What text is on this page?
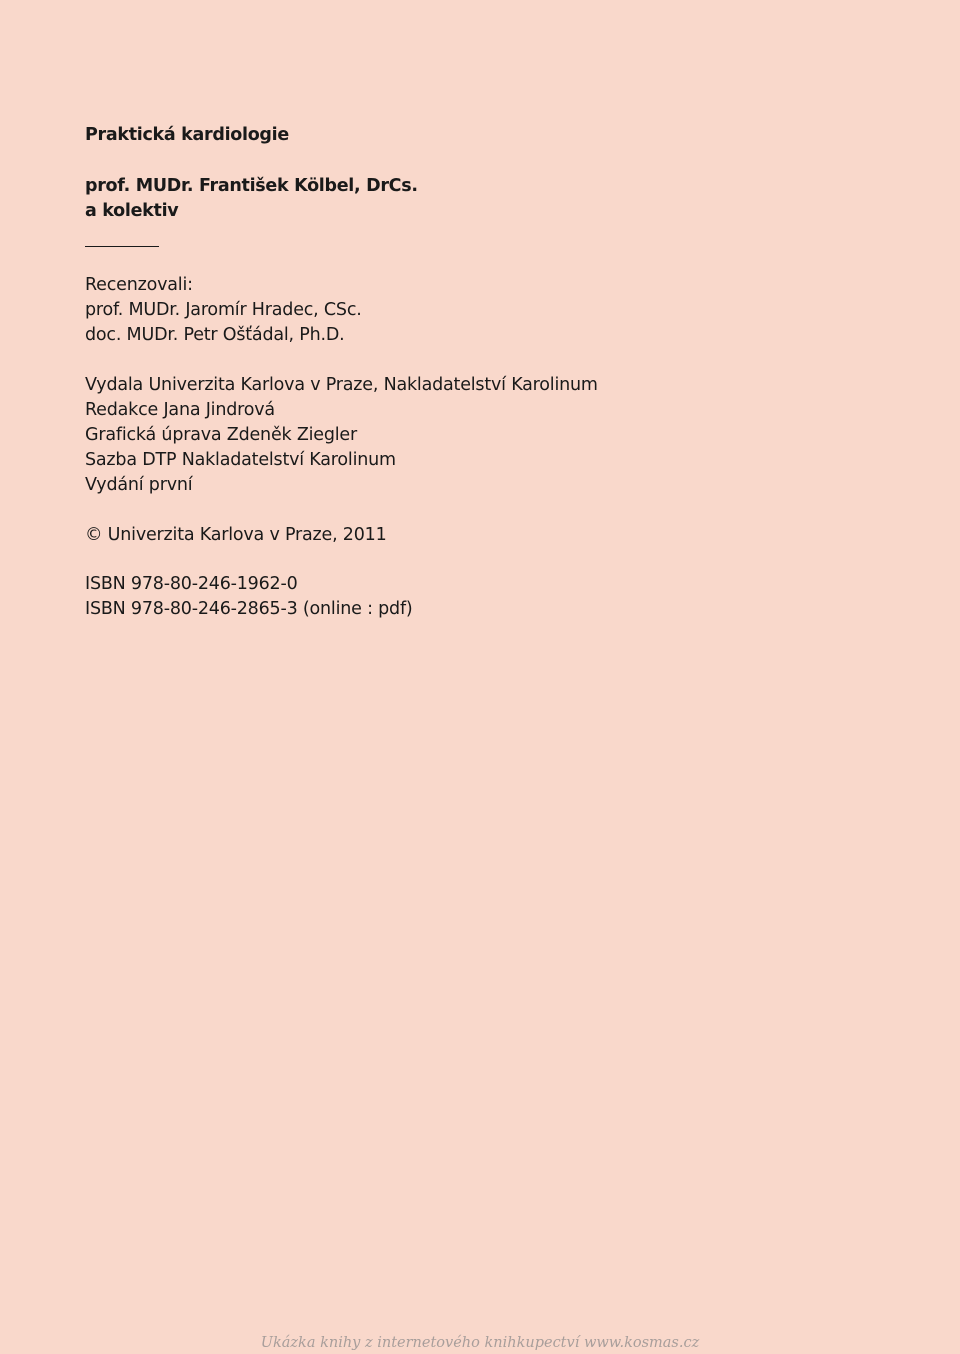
Praktická kardiologie
prof. MUDr. František Kölbel, DrCs.
a kolektiv
Recenzovali:
prof. MUDr. Jaromír Hradec, CSc.
doc. MUDr. Petr Ošťádal, Ph.D.
Vydala Univerzita Karlova v Praze, Nakladatelství Karolinum
Redakce Jana Jindrová
Grafická úprava Zdeněk Ziegler
Sazba DTP Nakladatelství Karolinum
Vydání první
© Univerzita Karlova v Praze, 2011
ISBN 978-80-246-1962-0
ISBN 978-80-246-2865-3 (online : pdf)
Ukázka knihy z internetového knihkupectví www.kosmas.cz
